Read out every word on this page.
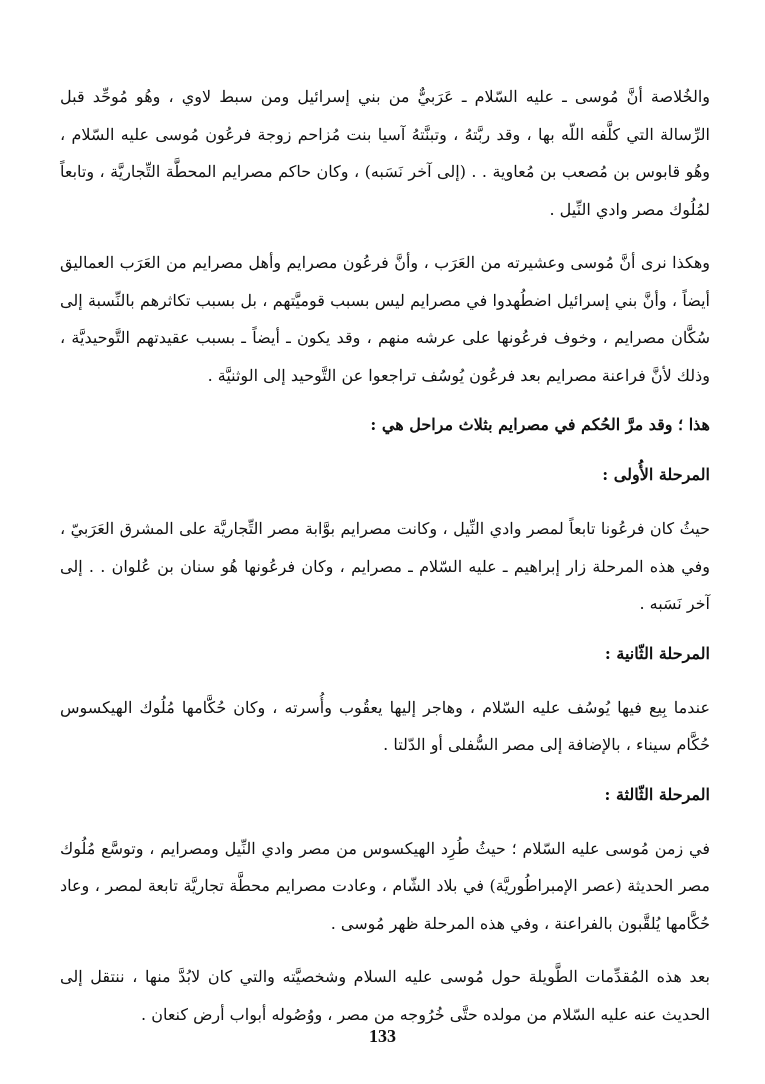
والخُلاصة أنَّ مُوسى ـ عليه السّلام ـ عَرَبيٌّ من بني إسرائيل ومن سبط لاوي ، وهُو مُوحِّد قبل الرِّسالة التي كلَّفه اللّه بها ، وقد ربَّتهُ ، وتبنَّتهُ آسيا بنت مُزاحم زوجة فرعُون مُوسى عليه السّلام ، وهُو قابوس بن مُصعب بن مُعاوية . . (إلى آخر نَسَبه) ، وكان حاكم مصرايم المحطَّة التِّجاريَّة ، وتابعاً لمُلُوك مصر وادي النِّيل .

وهكذا نرى أنَّ مُوسى وعشيرته من العَرَب ، وأنَّ فرعُون مصرايم وأهل مصرايم من العَرَب العماليق أيضاً ، وأنَّ بني إسرائيل اضطُهدوا في مصرايم ليس بسبب قوميَّتهم ، بل بسبب تكاثرهم بالنِّسبة إلى سُكَّان مصرايم ، وخوف فرعُونها على عرشه منهم ، وقد يكون ـ أيضاً ـ بسبب عقيدتهم التَّوحيديَّة ، وذلك لأنَّ فراعنة مصرايم بعد فرعُون يُوسُف تراجعوا عن التَّوحيد إلى الوثنيَّة .

هذا ؛ وقد مرَّ الحُكم في مصرايم بثلاث مراحل هي :

المرحلة الأُولى :

حيثُ كان فرعُونا تابعاً لمصر وادي النِّيل ، وكانت مصرايم بوَّابة مصر التِّجاريَّة على المشرق العَرَبيّ ، وفي هذه المرحلة زار إبراهيم ـ عليه السّلام ـ مصرايم ، وكان فرعُونها هُو سنان بن عُلوان . . إلى آخر نَسَبه .

المرحلة الثّانية :

عندما بِيع فيها يُوسُف عليه السّلام ، وهاجر إليها يعقُوب وأُسرته ، وكان حُكَّامها مُلُوك الهيكسوس حُكَّام سيناء ، بالإضافة إلى مصر السُّفلى أو الدّلتا .

المرحلة الثّالثة :

في زمن مُوسى عليه السّلام ؛ حيثُ طُرِد الهيكسوس من مصر وادي النِّيل ومصرايم ، وتوسَّع مُلُوك مصر الحديثة (عصر الإمبراطُوريَّة) في بلاد الشّام ، وعادت مصرايم محطَّة تجاريَّة تابعة لمصر ، وعاد حُكَّامها يُلقَّبون بالفراعنة ، وفي هذه المرحلة ظهر مُوسى .

بعد هذه المُقدِّمات الطَّويلة حول مُوسى عليه السلام وشخصيَّته والتي كان لابُدَّ منها ، ننتقل إلى الحديث عنه عليه السّلام من مولده حتَّى خُرُوجه من مصر ، ووُصُوله أبواب أرض كنعان .

133
